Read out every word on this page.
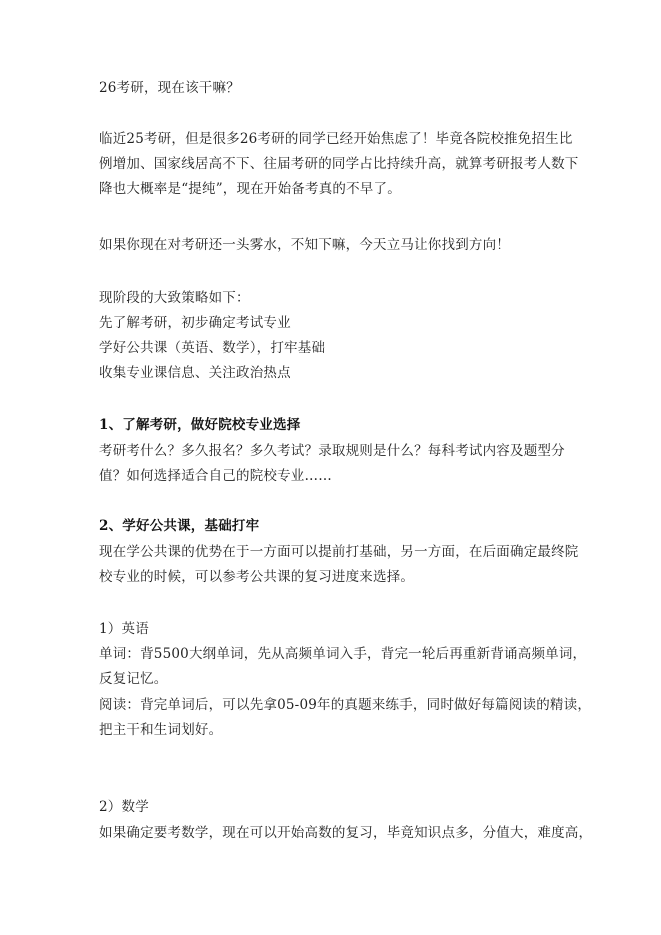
26考研，现在该干嘛？
临近25考研，但是很多26考研的同学已经开始焦虑了！毕竟各院校推免招生比
例增加、国家线居高不下、往届考研的同学占比持续升高，就算考研报考人数下
降也大概率是“提纯”，现在开始备考真的不早了。
如果你现在对考研还一头雾水，不知下嘛，今天立马让你找到方向！
现阶段的大致策略如下：
先了解考研，初步确定考试专业
学好公共课（英语、数学），打牢基础
收集专业课信息、关注政治热点
1、了解考研，做好院校专业选择
考研考什么？多久报名？多久考试？录取规则是什么？每科考试内容及题型分
值？如何选择适合自己的院校专业……
2、学好公共课，基础打牢
现在学公共课的优势在于一方面可以提前打基础，另一方面，在后面确定最终院
校专业的时候，可以参考公共课的复习进度来选择。
1）英语
单词：背5500大纲单词，先从高频单词入手，背完一轮后再重新背诵高频单词，
反复记忆。
阅读：背完单词后，可以先拿05-09年的真题来练手，同时做好每篇阅读的精读，
把主干和生词划好。
2）数学
如果确定要考数学，现在可以开始高数的复习，毕竟知识点多，分值大，难度高，
